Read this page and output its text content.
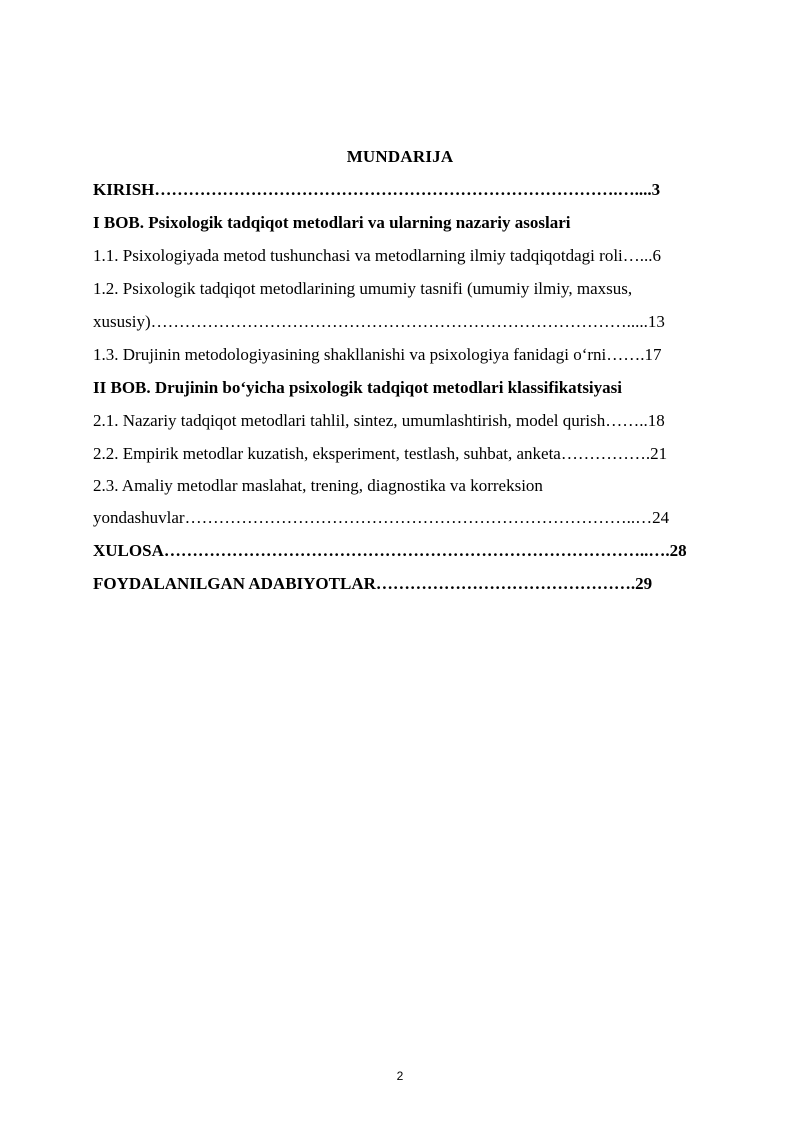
MUNDARIJA
KIRISH……………………………………………………………………….…....3
I BOB. Psixologik tadqiqot metodlari va ularning nazariy asoslari
1.1. Psixologiyada metod tushunchasi va metodlarning ilmiy tadqiqotdagi roli…...6
1.2. Psixologik tadqiqot metodlarining umumiy tasnifi (umumiy ilmiy, maxsus,
xususiy)………………………………………………………………………….....13
1.3. Drujinin metodologiyasining shakllanishi va psixologiya fanidagi o‘rni…….17
II BOB. Drujinin bo‘yicha psixologik tadqiqot metodlari klassifikatsiyasi
2.1. Nazariy tadqiqot metodlari tahlil, sintez, umumlashtirish, model qurish……..18
2.2. Empirik metodlar kuzatish, eksperiment, testlash, suhbat, anketa…………….21
2.3. Amaliy metodlar maslahat, trening, diagnostika va korreksion
yondashuvlar……………………………………………………………………..…24
XULOSA…………………………………………………………………………..….28
FOYDALANILGAN ADABIYOTLAR……………………………………….29
2
